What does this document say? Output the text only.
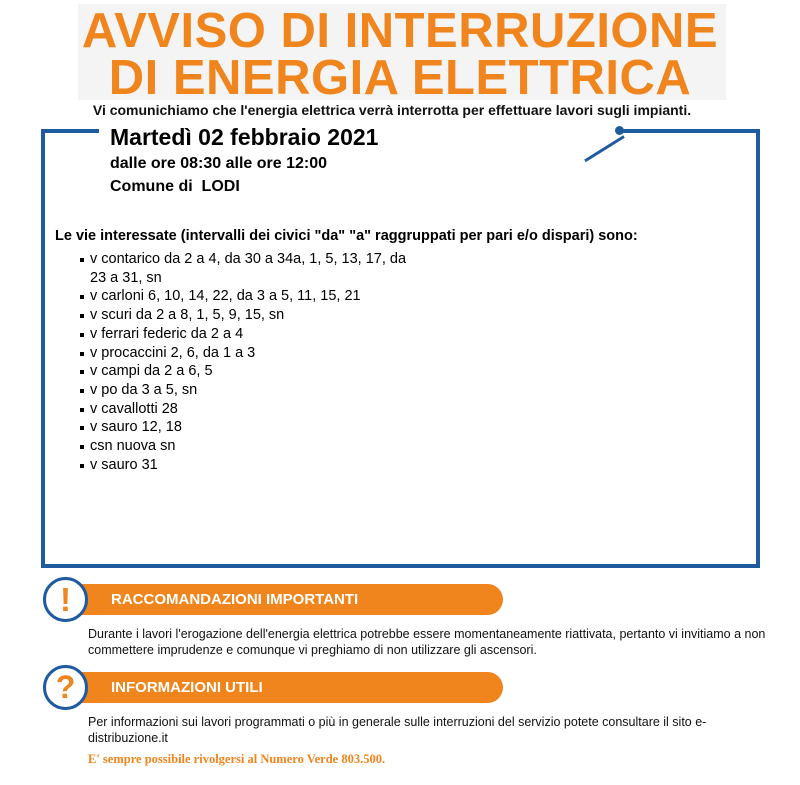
AVVISO DI INTERRUZIONE
DI ENERGIA ELETTRICA
Vi comunichiamo che l'energia elettrica verrà interrotta per effettuare lavori sugli impianti.
Martedì 02 febbraio 2021
dalle ore 08:30 alle ore 12:00
Comune di  LODI
Le vie interessate (intervalli dei civici "da" "a" raggruppati per pari e/o dispari) sono:
v contarico da 2 a 4, da 30 a 34a, 1, 5, 13, 17, da 23 a 31, sn
v carloni 6, 10, 14, 22, da 3 a 5, 11, 15, 21
v scuri da 2 a 8, 1, 5, 9, 15, sn
v ferrari federic da 2 a 4
v procaccini 2, 6, da 1 a 3
v campi da 2 a 6, 5
v po da 3 a 5, sn
v cavallotti 28
v sauro 12, 18
csn nuova sn
v sauro 31
RACCOMANDAZIONI IMPORTANTI
!
Durante i lavori l'erogazione dell'energia elettrica potrebbe essere momentaneamente riattivata, pertanto vi invitiamo a non commettere imprudenze e comunque vi preghiamo di non utilizzare gli ascensori.
INFORMAZIONI UTILI
?
Per informazioni sui lavori programmati o più in generale sulle interruzioni del servizio potete consultare il sito e-distribuzione.it
E' sempre possibile rivolgersi al Numero Verde 803.500.
